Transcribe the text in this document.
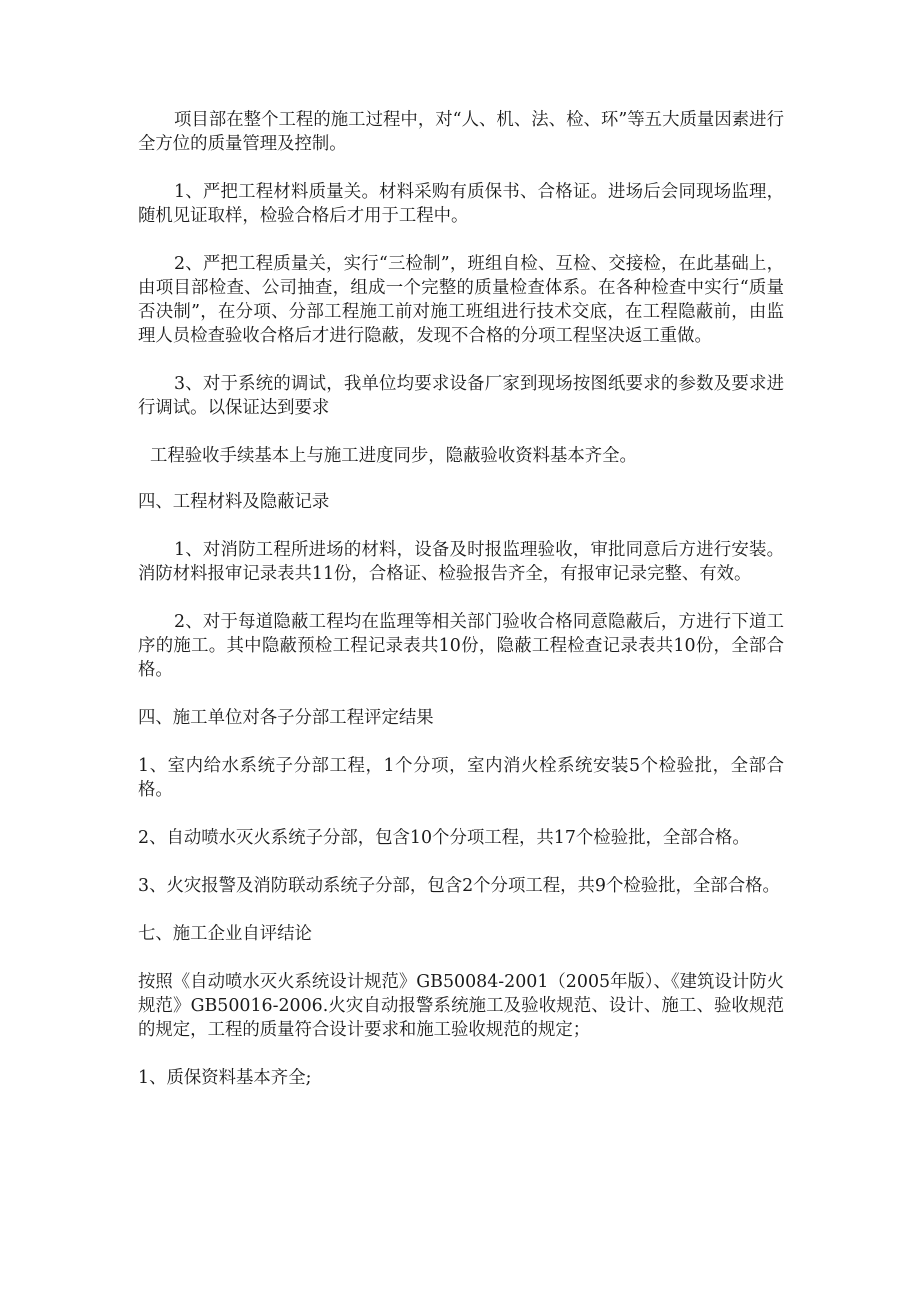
项目部在整个工程的施工过程中，对“人、机、法、检、环”等五大质量因素进行全方位的质量管理及控制。

1、严把工程材料质量关。材料采购有质保书、合格证。进场后会同现场监理，随机见证取样，检验合格后才用于工程中。

2、严把工程质量关，实行“三检制”，班组自检、互检、交接检，在此基础上，由项目部检查、公司抽查，组成一个完整的质量检查体系。在各种检查中实行“质量否决制”，在分项、分部工程施工前对施工班组进行技术交底，在工程隐蔽前，由监理人员检查验收合格后才进行隐蔽，发现不合格的分项工程坚决返工重做。

3、对于系统的调试，我单位均要求设备厂家到现场按图纸要求的参数及要求进行调试。以保证达到要求

工程验收手续基本上与施工进度同步，隐蔽验收资料基本齐全。

四、工程材料及隐蔽记录

1、对消防工程所进场的材料，设备及时报监理验收，审批同意后方进行安装。消防材料报审记录表共11份，合格证、检验报告齐全，有报审记录完整、有效。

2、对于每道隐蔽工程均在监理等相关部门验收合格同意隐蔽后，方进行下道工序的施工。其中隐蔽预检工程记录表共10份，隐蔽工程检查记录表共10份，全部合格。

四、施工单位对各子分部工程评定结果

1、室内给水系统子分部工程，1个分项，室内消火栓系统安装5个检验批，全部合格。

2、自动喷水灭火系统子分部，包含10个分项工程，共17个检验批，全部合格。

3、火灾报警及消防联动系统子分部，包含2个分项工程，共9个检验批，全部合格。

七、施工企业自评结论

按照《自动喷水灭火系统设计规范》GB50084-2001（2005年版）、《建筑设计防火规范》GB50016-2006.火灾自动报警系统施工及验收规范、设计、施工、验收规范的规定，工程的质量符合设计要求和施工验收规范的规定；

1、质保资料基本齐全;
